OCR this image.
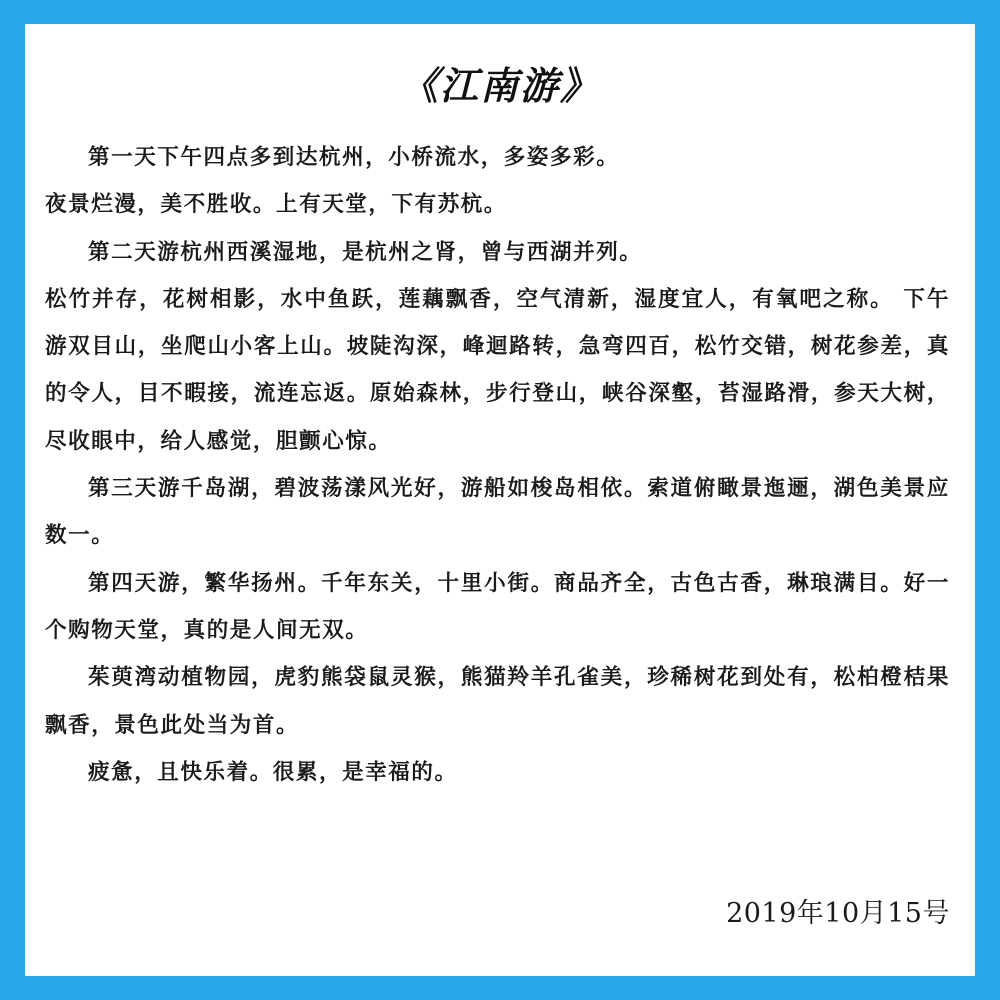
《江南游》

第一天下午四点多到达杭州，小桥流水，多姿多彩。

夜景烂漫，美不胜收。上有天堂，下有苏杭。

第二天游杭州西溪湿地，是杭州之肾，曾与西湖并列。

松竹并存，花树相影，水中鱼跃，莲藕飘香，空气清新，湿度宜人，有氧吧之称。 下午游双目山，坐爬山小客上山。坡陡沟深，峰迴路转，急弯四百，松竹交错，树花参差，真的令人，目不暇接，流连忘返。原始森林，步行登山，峡谷深壑，苔湿路滑，参天大树，尽收眼中，给人感觉，胆颤心惊。

第三天游千岛湖，碧波荡漾风光好，游船如梭岛相依。索道俯瞰景迤逦，湖色美景应数一。

第四天游，繁华扬州。千年东关，十里小街。商品齐全，古色古香，琳琅满目。好一个购物天堂，真的是人间无双。

茱萸湾动植物园，虎豹熊袋鼠灵猴，熊猫羚羊孔雀美，珍稀树花到处有，松柏橙桔果飘香，景色此处当为首。

疲惫，且快乐着。很累，是幸福的。

2019年10月15号
